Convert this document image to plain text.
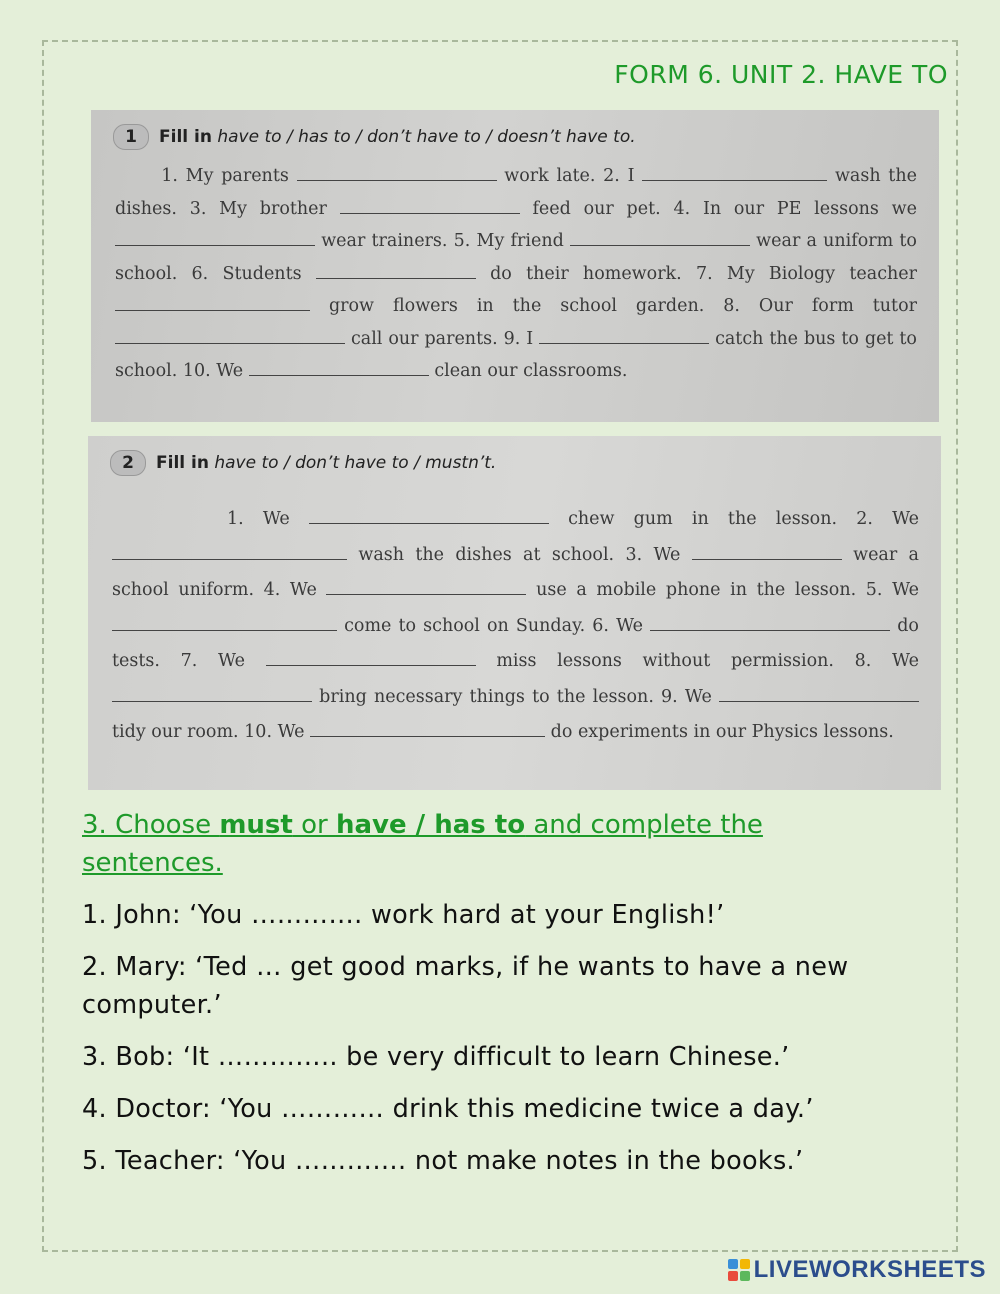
FORM 6. UNIT 2. HAVE TO
1	Fill in have to / has to / don’t have to / doesn’t have to.
1. My parents	work late. 2. I	wash the dishes. 3. My brother	feed our pet. 4. In our PE lessons we  wear trainers. 5. My friend	wear a uniform to school. 6. Students	do their homework. 7. My Biology teacher  grow flowers in the school garden. 8. Our form tutor  call our parents. 9. I	catch the bus to get to school. 10. We	clean our classrooms.
2	Fill in have to / don’t have to / mustn’t.
1. We	chew gum in the lesson. 2. We  wash the dishes at school. 3. We	wear a school uniform. 4. We	use a mobile phone in the lesson. 5. We  come to school on Sunday. 6. We	do tests. 7. We	miss lessons without permission. 8. We  bring necessary things to the lesson. 9. We  tidy our room. 10. We	do experiments in our Physics lessons.
3. Choose must or have / has to and complete the sentences.
1. John: ‘You …………. work hard at your English!’
2. Mary: ‘Ted … get good marks, if he wants to have a new computer.’
3. Bob: ‘It ………….. be very difficult to learn Chinese.’
4. Doctor: ‘You ………… drink this medicine twice a day.’
5. Teacher: ‘You …………. not make notes in the books.’
LIVEWORKSHEETS
